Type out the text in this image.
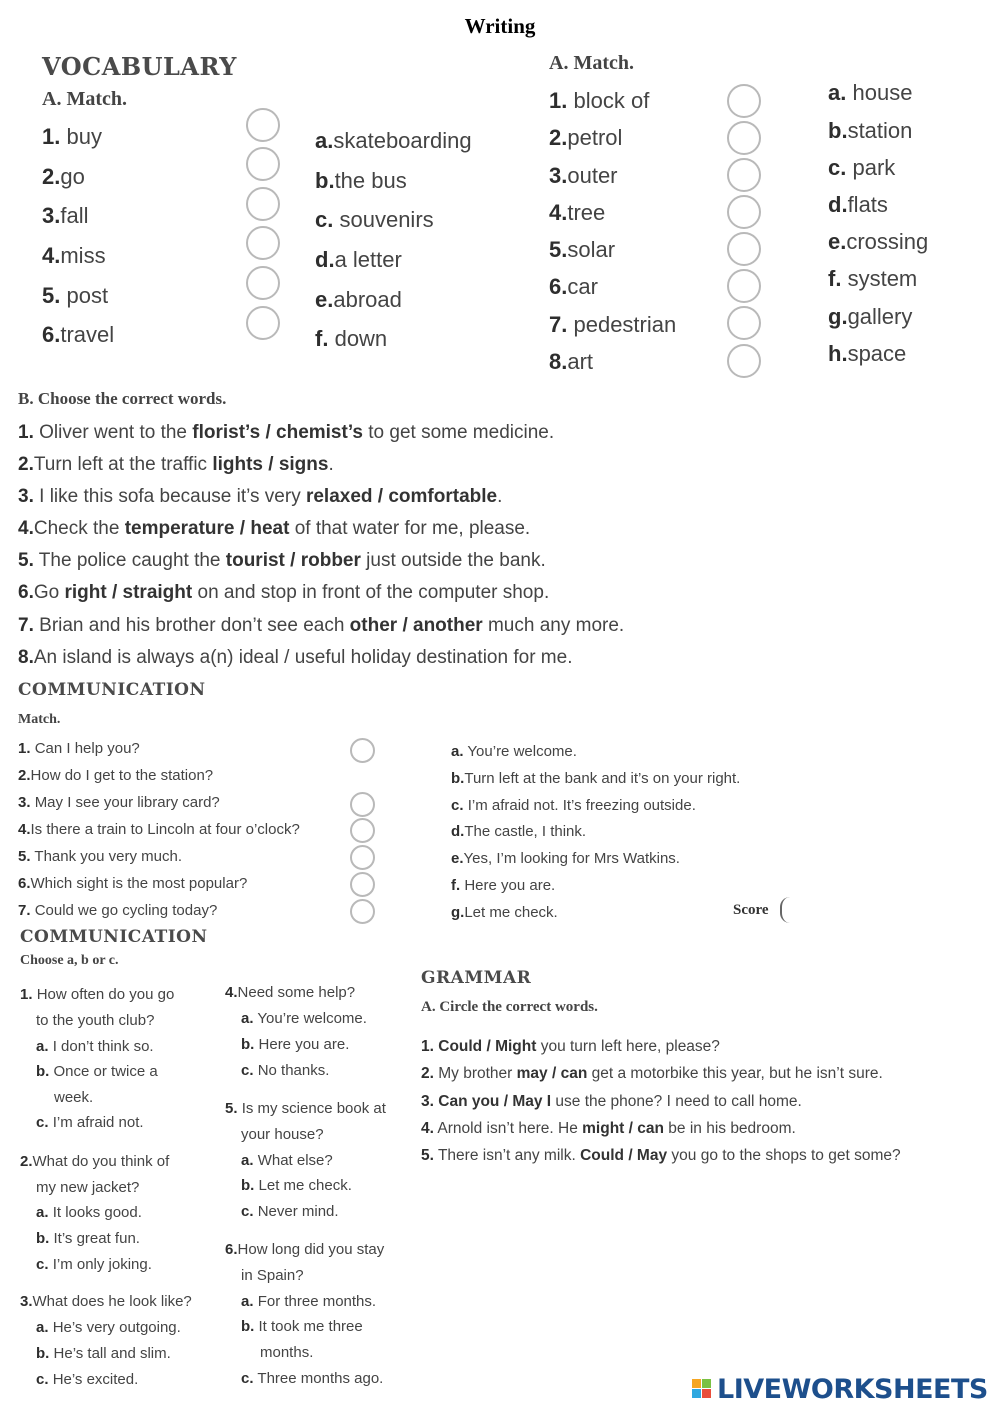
Writing
VOCABULARY
A. Match.
1. buy
2.go
3.fall
4.miss
5. post
6.travel
a.skateboarding
b.the bus
c. souvenirs
d.a letter
e.abroad
f. down
A. Match.
1. block of
2.petrol
3.outer
4.tree
5.solar
6.car
7. pedestrian
8.art
a. house
b.station
c. park
d.flats
e.crossing
f. system
g.gallery
h.space
B. Choose the correct words.
1. Oliver went to the florist’s / chemist’s to get some medicine.
2.Turn left at the traffic lights / signs.
3. I like this sofa because it’s very relaxed / comfortable.
4.Check the temperature / heat of that water for me, please.
5. The police caught the tourist / robber just outside the bank.
6.Go right / straight on and stop in front of the computer shop.
7. Brian and his brother don’t see each other / another much any more.
8.An island is always a(n) ideal / useful holiday destination for me.
COMMUNICATION
Match.
1. Can I help you?
2.How do I get to the station?
3. May I see your library card?
4.Is there a train to Lincoln at four o’clock?
5. Thank you very much.
6.Which sight is the most popular?
7. Could we go cycling today?
a. You’re welcome.
b.Turn left at the bank and it’s on your right.
c. I’m afraid not. It’s freezing outside.
d.The castle, I think.
e.Yes, I’m looking for Mrs Watkins.
f. Here you are.
g.Let me check.	Score
COMMUNICATION
Choose a, b or c.
1. How often do you go
to the youth club?
a. I don’t think so.
b. Once or twice a
week.
c. I’m afraid not.
2.What do you think of
my new jacket?
a. It looks good.
b. It’s great fun.
c. I’m only joking.
3.What does he look like?
a. He’s very outgoing.
b. He’s tall and slim.
c. He’s excited.
4.Need some help?
a. You’re welcome.
b. Here you are.
c. No thanks.
5. Is my science book at
your house?
a. What else?
b. Let me check.
c. Never mind.
6.How long did you stay
in Spain?
a. For three months.
b. It took me three
months.
c. Three months ago.
GRAMMAR
A. Circle the correct words.
1. Could / Might you turn left here, please?
2. My brother may / can get a motorbike this year, but he isn’t sure.
3. Can you / May I use the phone? I need to call home.
4. Arnold isn’t here. He might / can be in his bedroom.
5. There isn’t any milk. Could / May you go to the shops to get some?

LIVEWORKSHEETS
